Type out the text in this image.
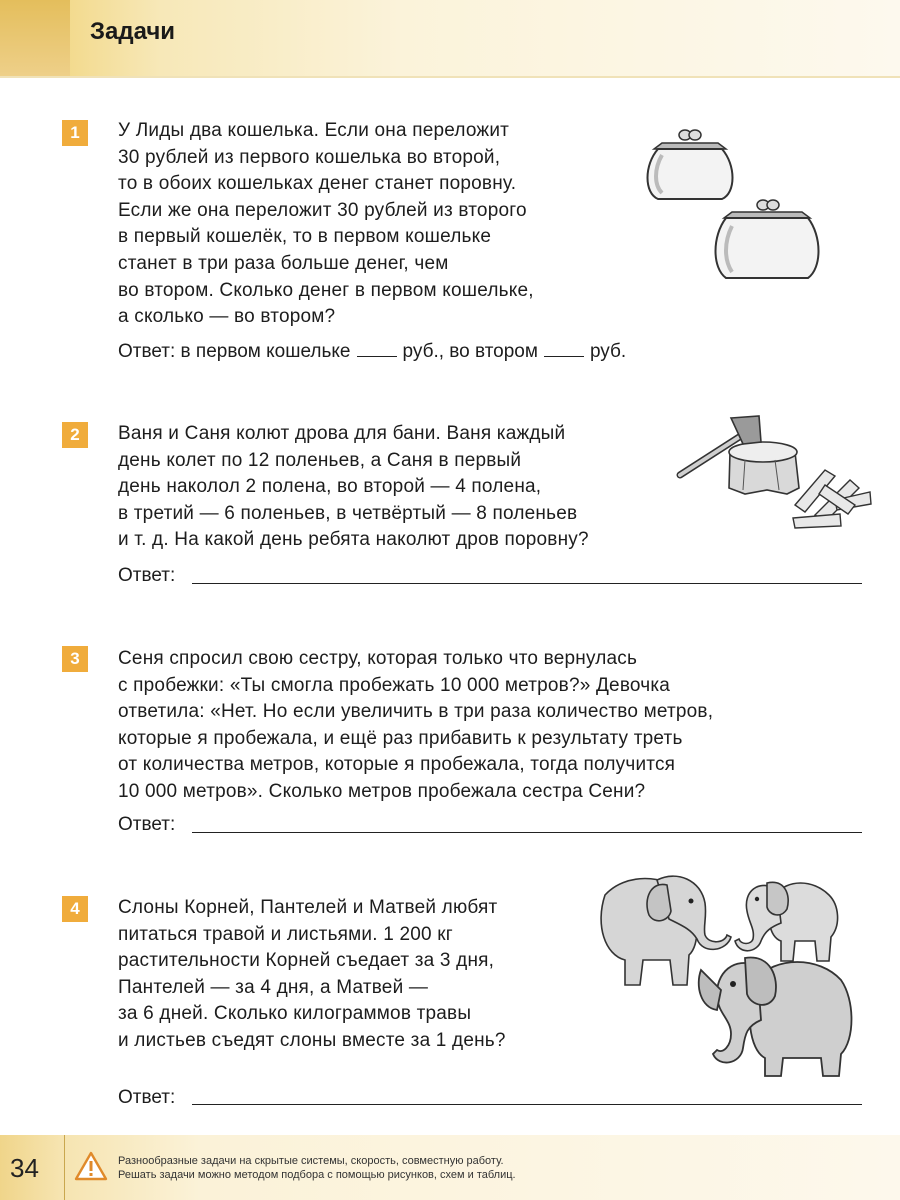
Задачи
1	У Лиды два кошелька. Если она переложит
30 рублей из первого кошелька во второй,
то в обоих кошельках денег станет поровну.
Если же она переложит 30 рублей из второго
в первый кошелёк, то в первом кошельке
станет в три раза больше денег, чем
во втором. Сколько денег в первом кошельке,
а сколько — во втором?
Ответ: в первом кошельке	руб., во втором	руб.
2	Ваня и Саня колют дрова для бани. Ваня каждый
день колет по 12 поленьев, а Саня в первый
день наколол 2 полена, во второй — 4 полена,
в третий — 6 поленьев, в четвёртый — 8 поленьев
и т. д. На какой день ребята наколют дров поровну?
Ответ:
3	Сеня спросил свою сестру, которая только что вернулась
с пробежки: «Ты смогла пробежать 10 000 метров?» Девочка
ответила: «Нет. Но если увеличить в три раза количество метров,
которые я пробежала, и ещё раз прибавить к результату треть
от количества метров, которые я пробежала, тогда получится
10 000 метров». Сколько метров пробежала сестра Сени?
Ответ:
4	Слоны Корней, Пантелей и Матвей любят
питаться травой и листьями. 1 200 кг
растительности Корней съедает за 3 дня,
Пантелей — за 4 дня, а Матвей —
за 6 дней. Сколько килограммов травы
и листьев съедят слоны вместе за 1 день?
Ответ:
34	Разнообразные задачи на скрытые системы, скорость, совместную работу.
Решать задачи можно методом подбора с помощью рисунков, схем и таблиц.
